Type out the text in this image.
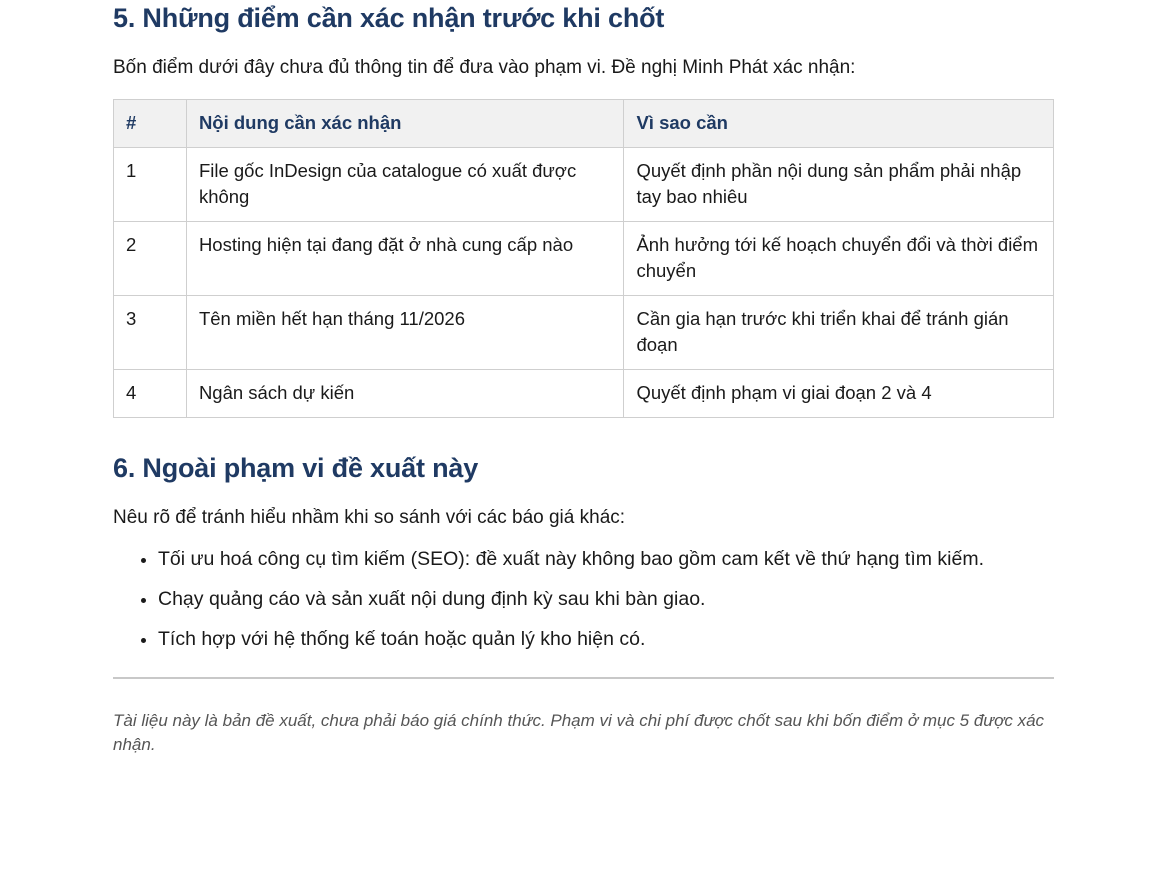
5. Những điểm cần xác nhận trước khi chốt
Bốn điểm dưới đây chưa đủ thông tin để đưa vào phạm vi. Đề nghị Minh Phát xác nhận:
#	Nội dung cần xác nhận	Vì sao cần
1	File gốc InDesign của catalogue có xuất được không	Quyết định phần nội dung sản phẩm phải nhập tay bao nhiêu
2	Hosting hiện tại đang đặt ở nhà cung cấp nào	Ảnh hưởng tới kế hoạch chuyển đổi và thời điểm chuyển
3	Tên miền hết hạn tháng 11/2026	Cần gia hạn trước khi triển khai để tránh gián đoạn
4	Ngân sách dự kiến	Quyết định phạm vi giai đoạn 2 và 4
6. Ngoài phạm vi đề xuất này
Nêu rõ để tránh hiểu nhầm khi so sánh với các báo giá khác:
• Tối ưu hoá công cụ tìm kiếm (SEO): đề xuất này không bao gồm cam kết về thứ hạng tìm kiếm.
• Chạy quảng cáo và sản xuất nội dung định kỳ sau khi bàn giao.
• Tích hợp với hệ thống kế toán hoặc quản lý kho hiện có.
Tài liệu này là bản đề xuất, chưa phải báo giá chính thức. Phạm vi và chi phí được chốt sau khi bốn điểm ở mục 5 được xác nhận.
